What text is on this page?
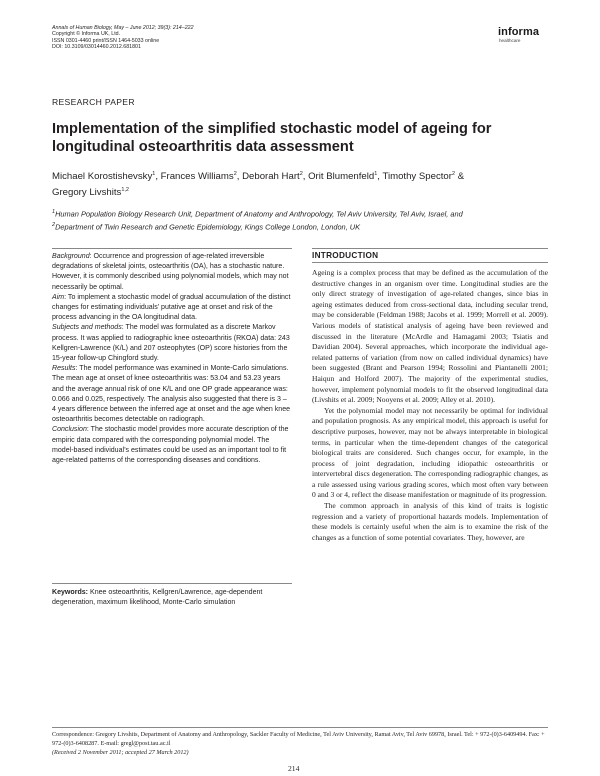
Annals of Human Biology, May – June 2012; 39(3): 214–222
Copyright © Informa UK, Ltd.
ISSN 0301-4460 print/ISSN 1464-5033 online
DOI: 10.3109/03014460.2012.681801
informa
healthcare
RESEARCH PAPER
Implementation of the simplified stochastic model of ageing for longitudinal osteoarthritis data assessment
Michael Korostishevsky$^1$, Frances Williams$^2$, Deborah Hart$^2$, Orit Blumenfeld$^1$, Timothy Spector$^2$ &
Gregory Livshits$^{1,2}$
$^1$Human Population Biology Research Unit, Department of Anatomy and Anthropology, Tel Aviv University, Tel Aviv, Israel, and
$^2$Department of Twin Research and Genetic Epidemiology, Kings College London, London, UK

Background: Occurrence and progression of age-related irreversible degradations of skeletal joints, osteoarthritis (OA), has a stochastic nature. However, it is commonly described using polynomial models, which may not necessarily be optimal.

Aim: To implement a stochastic model of gradual accumulation of the distinct changes for estimating individuals’ putative age at onset and risk of the process advancing in the OA longitudinal data.

Subjects and methods: The model was formulated as a discrete Markov process. It was applied to radiographic knee osteoarthritis (RKOA) data: 243 Kellgren-Lawrence (K/L) and 207 osteophytes (OP) score histories from the 15-year follow-up Chingford study.

Results: The model performance was examined in Monte-Carlo simulations. The mean age at onset of knee osteoarthritis was: 53.04 and 53.23 years and the average annual risk of one K/L and one OP grade appearance was: 0.066 and 0.025, respectively. The analysis also suggested that there is 3 – 4 years difference between the inferred age at onset and the age when knee osteoarthritis becomes detectable on radiograph.

Conclusion: The stochastic model provides more accurate description of the empiric data compared with the corresponding polynomial model. The model-based individual’s estimates could be used as an important tool to fit age-related patterns of the corresponding diseases and conditions.

Keywords: Knee osteoarthritis, Kellgren/Lawrence, age-dependent degeneration, maximum likelihood, Monte-Carlo simulation
INTRODUCTION

Ageing is a complex process that may be defined as the accumulation of the destructive changes in an organism over time. Longitudinal studies are the only direct strategy of investigation of age-related changes, since bias in ageing estimates deduced from cross-sectional data, including secular trend, may be considerable (Feldman 1988; Jacobs et al. 1999; Morrell et al. 2009). Various models of statistical analysis of ageing have been reviewed and discussed in the literature (McArdle and Hamagami 2003; Tsiatis and Davidian 2004). Several approaches, which incorporate the individual age-related patterns of variation (from now on called individual dynamics) have been suggested (Brant and Pearson 1994; Rossolini and Piantanelli 2001; Haiqun and Holford 2007). The majority of the experimental studies, however, implement polynomial models to fit the observed longitudinal data (Livshits et al. 2009; Nooyens et al. 2009; Alley et al. 2010).

Yet the polynomial model may not necessarily be optimal for individual and population prognosis. As any empirical model, this approach is useful for descriptive purposes, however, may not be always interpretable in biological terms, in particular when the time-dependent changes of the categorical biological traits are considered. Such changes occur, for example, in the process of joint degradation, including idiopathic osteoarthritis or intervertebral discs degeneration. The corresponding radiographic changes, as a rule assessed using various grading scores, which most often vary between 0 and 3 or 4, reflect the disease manifestation or magnitude of its progression.

The common approach in analysis of this kind of traits is logistic regression and a variety of proportional hazards models. Implementation of these models is certainly useful when the aim is to examine the risk of the changes as a function of some potential covariates. They, however, are

Correspondence: Gregory Livshits, Department of Anatomy and Anthropology, Sackler Faculty of Medicine, Tel Aviv University, Ramat Aviv, Tel Aviv 69978, Israel. Tel: + 972-(0)3-6409494. Fax: + 972-(0)3-6408287. E-mail: gregl@post.tau.ac.il
(Received 2 November 2011; accepted 27 March 2012)
214
